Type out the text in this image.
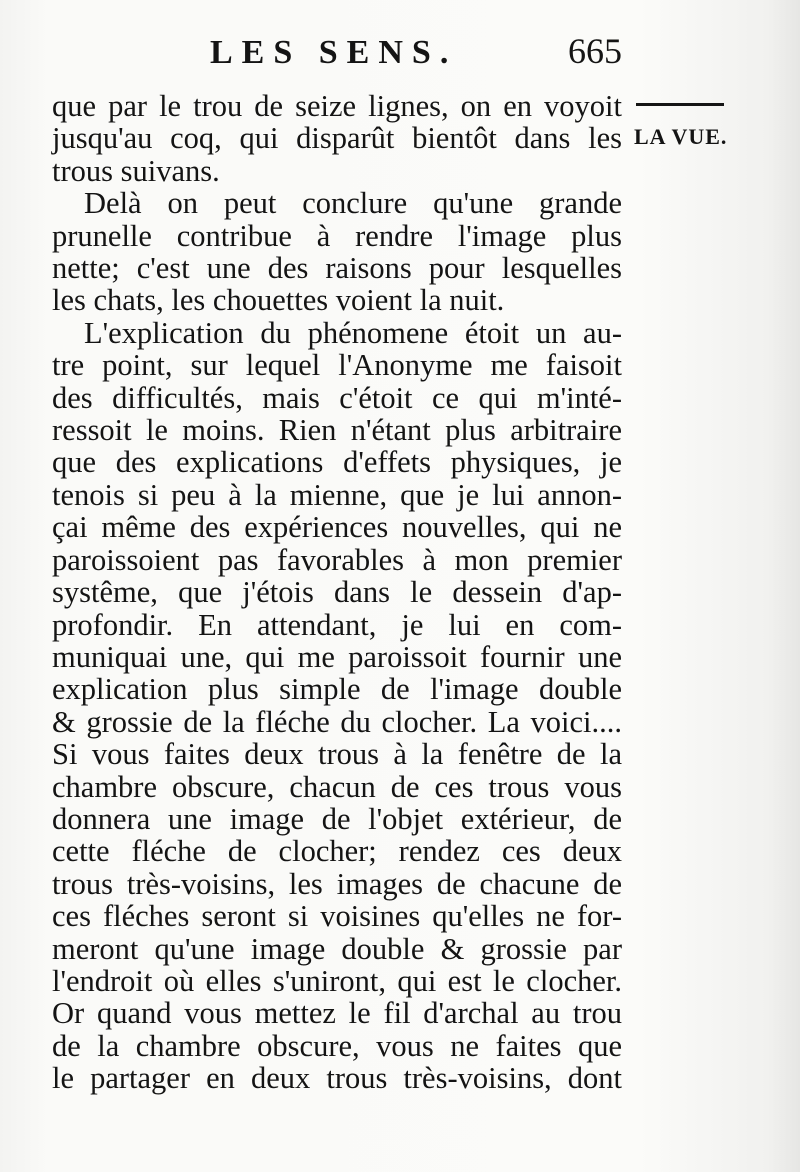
LES SENS.	665
LA VUE.
que par le trou de seize lignes, on en voyoit
jusqu'au coq, qui disparût bientôt dans les
trous suivans.
Delà on peut conclure qu'une grande
prunelle contribue à rendre l'image plus
nette; c'est une des raisons pour lesquelles
les chats, les chouettes voient la nuit.
L'explication du phénomene étoit un au-
tre point, sur lequel l'Anonyme me faisoit
des difficultés, mais c'étoit ce qui m'inté-
ressoit le moins. Rien n'étant plus arbitraire
que des explications d'effets physiques, je
tenois si peu à la mienne, que je lui annon-
çai même des expériences nouvelles, qui ne
paroissoient pas favorables à mon premier
systême, que j'étois dans le dessein d'ap-
profondir. En attendant, je lui en com-
muniquai une, qui me paroissoit fournir une
explication plus simple de l'image double
& grossie de la fléche du clocher. La voici....
Si vous faites deux trous à la fenêtre de la
chambre obscure, chacun de ces trous vous
donnera une image de l'objet extérieur, de
cette fléche de clocher; rendez ces deux
trous très-voisins, les images de chacune de
ces fléches seront si voisines qu'elles ne for-
meront qu'une image double & grossie par
l'endroit où elles s'uniront, qui est le clocher.
Or quand vous mettez le fil d'archal au trou
de la chambre obscure, vous ne faites que
le partager en deux trous très-voisins, dont
